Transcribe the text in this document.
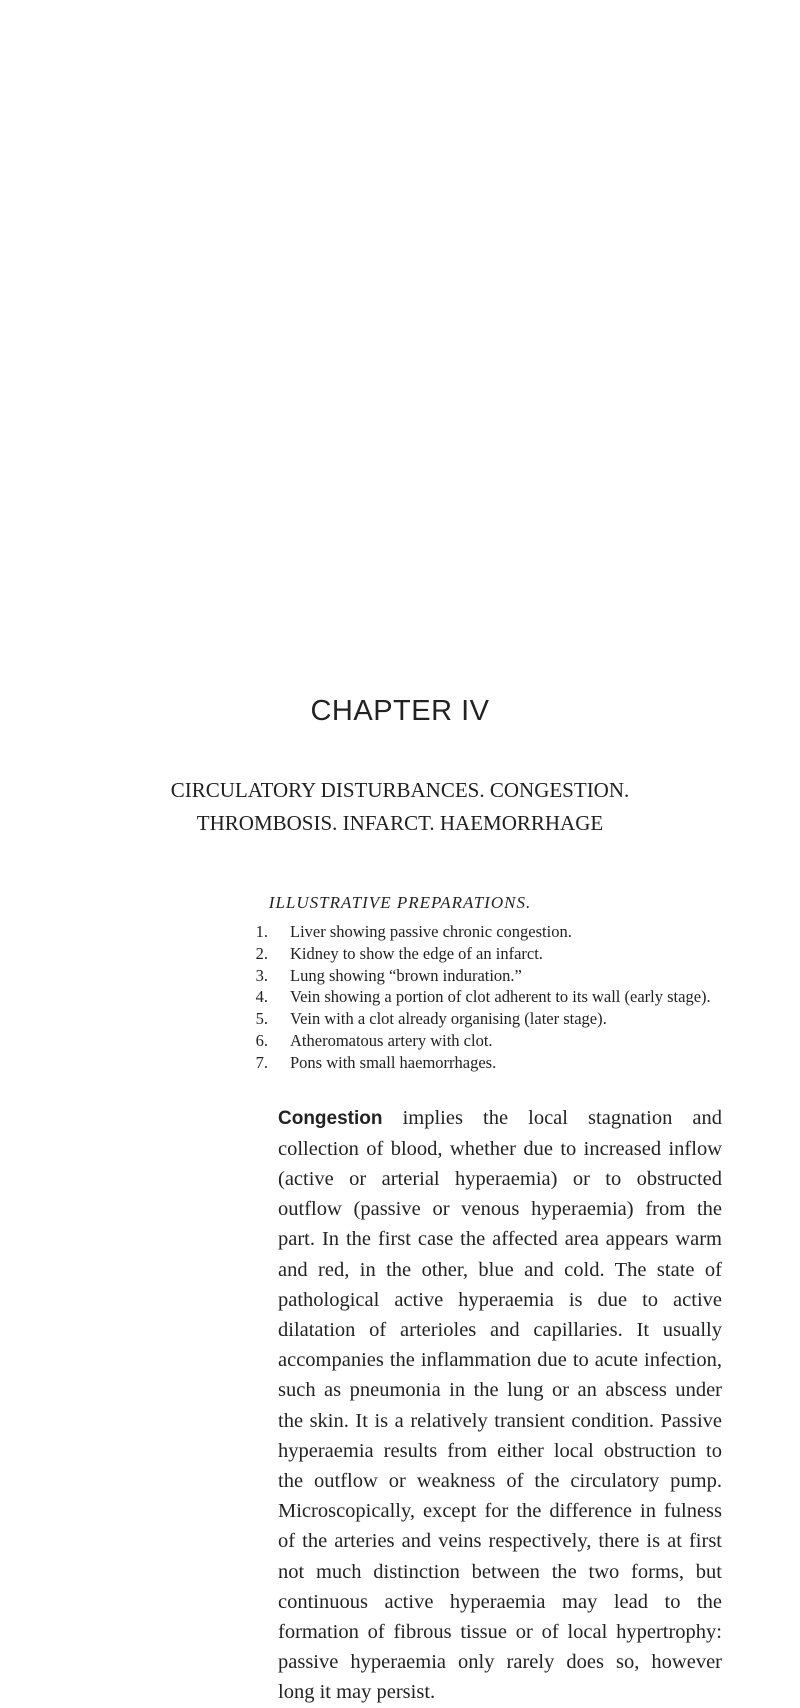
CHAPTER IV
CIRCULATORY DISTURBANCES. CONGESTION.
THROMBOSIS. INFARCT. HAEMORRHAGE
ILLUSTRATIVE PREPARATIONS.
1. Liver showing passive chronic congestion.
2. Kidney to show the edge of an infarct.
3. Lung showing “brown induration.”
4. Vein showing a portion of clot adherent to its wall (early stage).
5. Vein with a clot already organising (later stage).
6. Atheromatous artery with clot.
7. Pons with small haemorrhages.

Congestion implies the local stagnation and collection of blood, whether due to increased inflow (active or arterial hyperaemia) or to obstructed outflow (passive or venous hyperaemia) from the part. In the first case the affected area appears warm and red, in the other, blue and cold. The state of pathological active hyperaemia is due to active dilatation of arterioles and capillaries. It usually accompanies the inflammation due to acute infection, such as pneumonia in the lung or an abscess under the skin. It is a relatively transient condition. Passive hyperaemia results from either local obstruction to the outflow or weakness of the circulatory pump. Microscopically, except for the difference in fulness of the arteries and veins respectively, there is at first not much distinction between the two forms, but continuous active hyperaemia may lead to the formation of fibrous tissue or of local hypertrophy: passive hyperaemia only rarely does so, however long it may persist.
